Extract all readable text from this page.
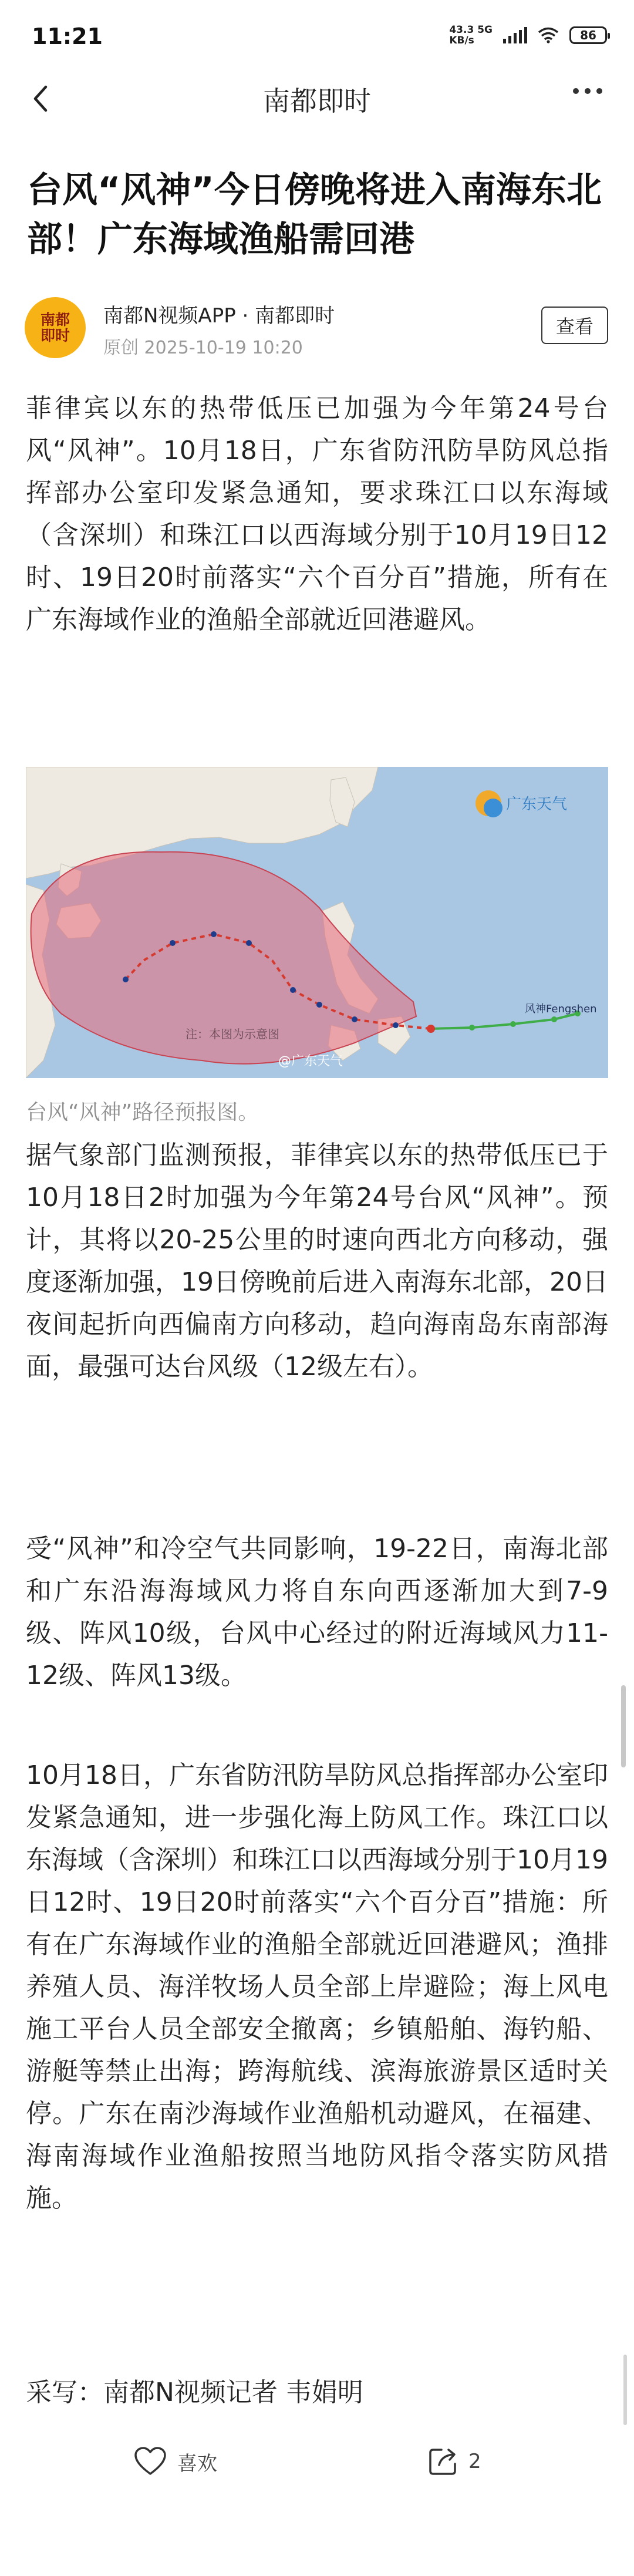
11:21	43.3 5G
KB/s	86
南都即时
台风“风神”今日傍晚将进入南海东北部！广东海域渔船需回港
南都即时
南都N视频APP · 南都即时
原创 2025-10-19 10:20
查看

菲律宾以东的热带低压已加强为今年第24号台风“风神”。10月18日，广东省防汛防旱防风总指挥部办公室印发紧急通知，要求珠江口以东海域（含深圳）和珠江口以西海域分别于10月19日12时、19日20时前落实“六个百分百”措施，所有在广东海域作业的渔船全部就近回港避风。

广东天气
注：本图为示意图
风神Fengshen
@广东天气
台风“风神”路径预报图。

据气象部门监测预报，菲律宾以东的热带低压已于10月18日2时加强为今年第24号台风“风神”。预计，其将以20-25公里的时速向西北方向移动，强度逐渐加强，19日傍晚前后进入南海东北部，20日夜间起折向西偏南方向移动，趋向海南岛东南部海面，最强可达台风级（12级左右）。

受“风神”和冷空气共同影响，19-22日，南海北部和广东沿海海域风力将自东向西逐渐加大到7-9级、阵风10级，台风中心经过的附近海域风力11-12级、阵风13级。

10月18日，广东省防汛防旱防风总指挥部办公室印发紧急通知，进一步强化海上防风工作。珠江口以东海域（含深圳）和珠江口以西海域分别于10月19日12时、19日20时前落实“六个百分百”措施：所有在广东海域作业的渔船全部就近回港避风；渔排养殖人员、海洋牧场人员全部上岸避险；海上风电施工平台人员全部安全撤离；乡镇船舶、海钓船、游艇等禁止出海；跨海航线、滨海旅游景区适时关停。广东在南沙海域作业渔船机动避风，在福建、海南海域作业渔船按照当地防风指令落实防风措施。

采写：南都N视频记者 韦娟明
喜欢	2
